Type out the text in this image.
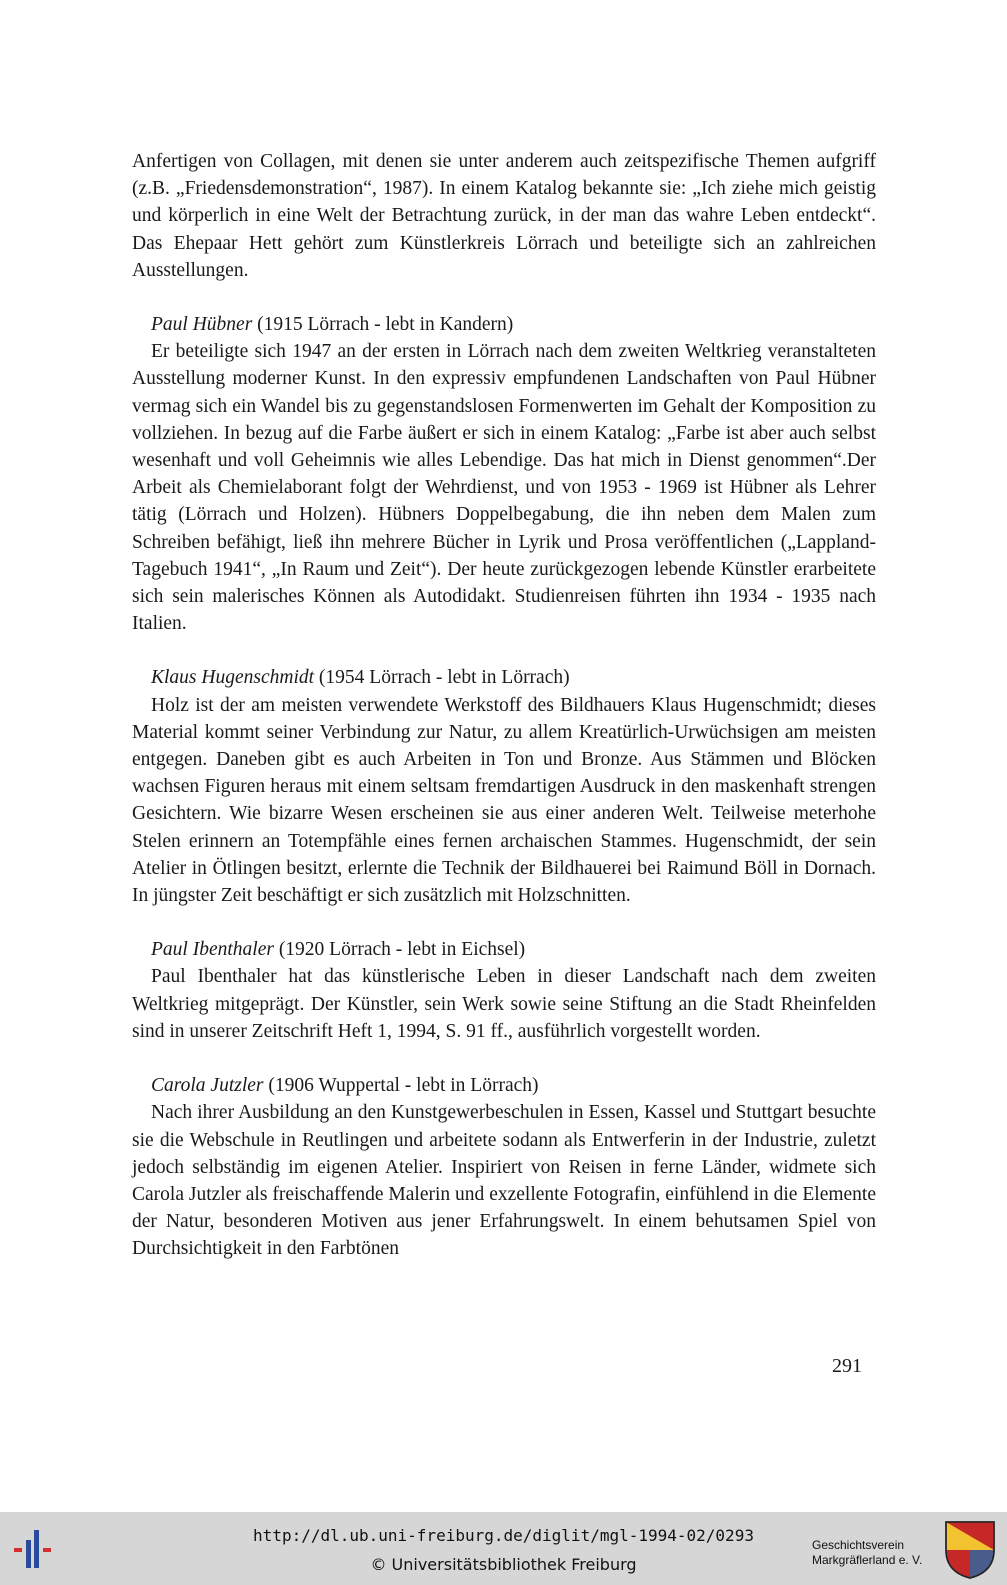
Anfertigen von Collagen, mit denen sie unter anderem auch zeitspezifische Themen aufgriff (z.B. „Friedensdemonstration“, 1987). In einem Katalog bekannte sie: „Ich ziehe mich geistig und körperlich in eine Welt der Betrachtung zurück, in der man das wahre Leben entdeckt“. Das Ehepaar Hett gehört zum Künstlerkreis Lörrach und beteiligte sich an zahlreichen Ausstellungen.

Paul Hübner (1915 Lörrach - lebt in Kandern)

Er beteiligte sich 1947 an der ersten in Lörrach nach dem zweiten Weltkrieg veranstalteten Ausstellung moderner Kunst. In den expressiv empfundenen Landschaften von Paul Hübner vermag sich ein Wandel bis zu gegenstandslosen Formenwerten im Gehalt der Komposition zu vollziehen. In bezug auf die Farbe äußert er sich in einem Katalog: „Farbe ist aber auch selbst wesenhaft und voll Geheimnis wie alles Lebendige. Das hat mich in Dienst genommen“.Der Arbeit als Chemielaborant folgt der Wehrdienst, und von 1953 - 1969 ist Hübner als Lehrer tätig (Lörrach und Holzen). Hübners Doppelbegabung, die ihn neben dem Malen zum Schreiben befähigt, ließ ihn mehrere Bücher in Lyrik und Prosa veröffentlichen („Lappland-Tagebuch 1941“, „In Raum und Zeit“). Der heute zurückgezogen lebende Künstler erarbeitete sich sein malerisches Können als Autodidakt. Studienreisen führten ihn 1934 - 1935 nach Italien.

Klaus Hugenschmidt (1954 Lörrach - lebt in Lörrach)

Holz ist der am meisten verwendete Werkstoff des Bildhauers Klaus Hugenschmidt; dieses Material kommt seiner Verbindung zur Natur, zu allem Kreatürlich-Urwüchsigen am meisten entgegen. Daneben gibt es auch Arbeiten in Ton und Bronze. Aus Stämmen und Blöcken wachsen Figuren heraus mit einem seltsam fremdartigen Ausdruck in den maskenhaft strengen Gesichtern. Wie bizarre Wesen erscheinen sie aus einer anderen Welt. Teilweise meterhohe Stelen erinnern an Totempfähle eines fernen archaischen Stammes. Hugenschmidt, der sein Atelier in Ötlingen besitzt, erlernte die Technik der Bildhauerei bei Raimund Böll in Dornach. In jüngster Zeit beschäftigt er sich zusätzlich mit Holzschnitten.

Paul Ibenthaler (1920 Lörrach - lebt in Eichsel)

Paul Ibenthaler hat das künstlerische Leben in dieser Landschaft nach dem zweiten Weltkrieg mitgeprägt. Der Künstler, sein Werk sowie seine Stiftung an die Stadt Rheinfelden sind in unserer Zeitschrift Heft 1, 1994, S. 91 ff., ausführlich vorgestellt worden.

Carola Jutzler (1906 Wuppertal - lebt in Lörrach)

Nach ihrer Ausbildung an den Kunstgewerbeschulen in Essen, Kassel und Stuttgart besuchte sie die Webschule in Reutlingen und arbeitete sodann als Entwerferin in der Industrie, zuletzt jedoch selbständig im eigenen Atelier. Inspiriert von Reisen in ferne Länder, widmete sich Carola Jutzler als freischaffende Malerin und exzellente Fotografin, einfühlend in die Elemente der Natur, besonderen Motiven aus jener Erfahrungswelt. In einem behutsamen Spiel von Durchsichtigkeit in den Farbtönen

291
http://dl.ub.uni-freiburg.de/diglit/mgl-1994-02/0293
© Universitätsbibliothek Freiburg
Geschichtsverein
Markgräflerland e. V.
